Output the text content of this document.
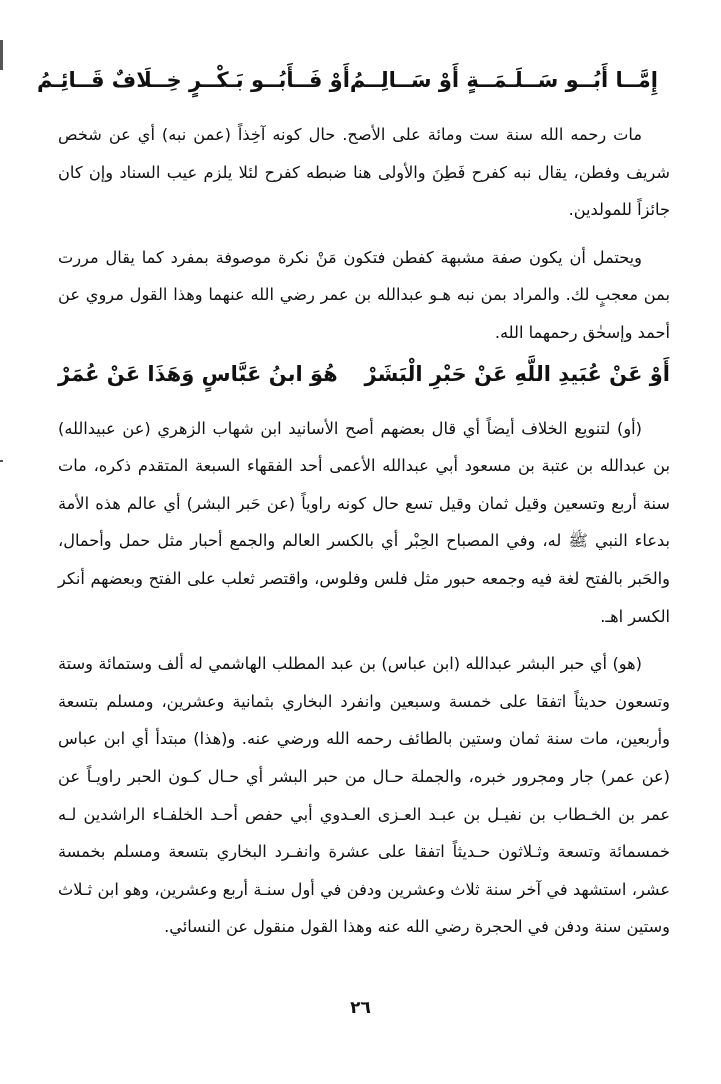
إِمَّــا أَبُــو سَــلَـمَــةٍ أَوْ سَــالِــمُ
أَوْ فَــأَبُــو بَـكْــرٍ خِــلَافٌ قَــائِـمُ

مات رحمه الله سنة ست ومائة على الأصح. حال كونه آخِذاً (عمن نبه) أي عن شخص شريف وفطن، يقال نبه كفرح فَطِنَ والأولى هنا ضبطه كفرح لئلا يلزم عيب السناد وإن كان جائزاً للمولدين.

ويحتمل أن يكون صفة مشبهة كفطن فتكون مَنْ نكرة موصوفة بمفرد كما يقال مررت بمن معجبٍ لك. والمراد بمن نبه هـو عبدالله بن عمر رضي الله عنهما وهذا القول مروي عن أحمد وإسحٰق رحمهما الله.

أَوْ عَنْ عُبَيدِ اللَّهِ عَنْ حَبْرِ الْبَشَرْ
هُوَ ابنُ عَبَّاسٍ وَهَذَا عَنْ عُمَرْ

(أو) لتنويع الخلاف أيضاً أي قال بعضهم أصح الأسانيد ابن شهاب الزهري (عن عبيدالله) بن عبدالله بن عتبة بن مسعود أبي عبدالله الأعمى أحد الفقهاء السبعة المتقدم ذكره، مات سنة أربع وتسعين وقيل ثمان وقيل تسع حال كونه راوياً (عن حَبر البشر) أي عالم هذه الأمة بدعاء النبي ﷺ له، وفي المصباح الحِبْر أي بالكسر العالم والجمع أحبار مثل حمل وأحمال، والحَبر بالفتح لغة فيه وجمعه حبور مثل فلس وفلوس، واقتصر ثعلب على الفتح وبعضهم أنكر الكسر اهـ.

(هو) أي حبر البشر عبدالله (ابن عباس) بن عبد المطلب الهاشمي له ألف وستمائة وستة وتسعون حديثاً اتفقا على خمسة وسبعين وانفرد البخاري بثمانية وعشرين، ومسلم بتسعة وأربعين، مات سنة ثمان وستين بالطائف رحمه الله ورضي عنه. و(هذا) مبتدأ أي ابن عباس (عن عمر) جار ومجرور خبره، والجملة حـال من حبر البشر أي حـال كـون الحبر راويـاً عن عمر بن الخـطاب بن نفيـل بن عبـد العـزى العـدوي أبي حفص أحـد الخلفـاء الراشدين لـه خمسمائة وتسعة وثـلاثون حـديثاً اتفقا على عشرة وانفـرد البخاري بتسعة ومسلم بخمسة عشر، استشهد في آخر سنة ثلاث وعشرين ودفن في أول سنـة أربع وعشرين، وهو ابن ثـلاث وستين سنة ودفن في الحجرة رضي الله عنه وهذا القول منقول عن النسائي.

٢٦
